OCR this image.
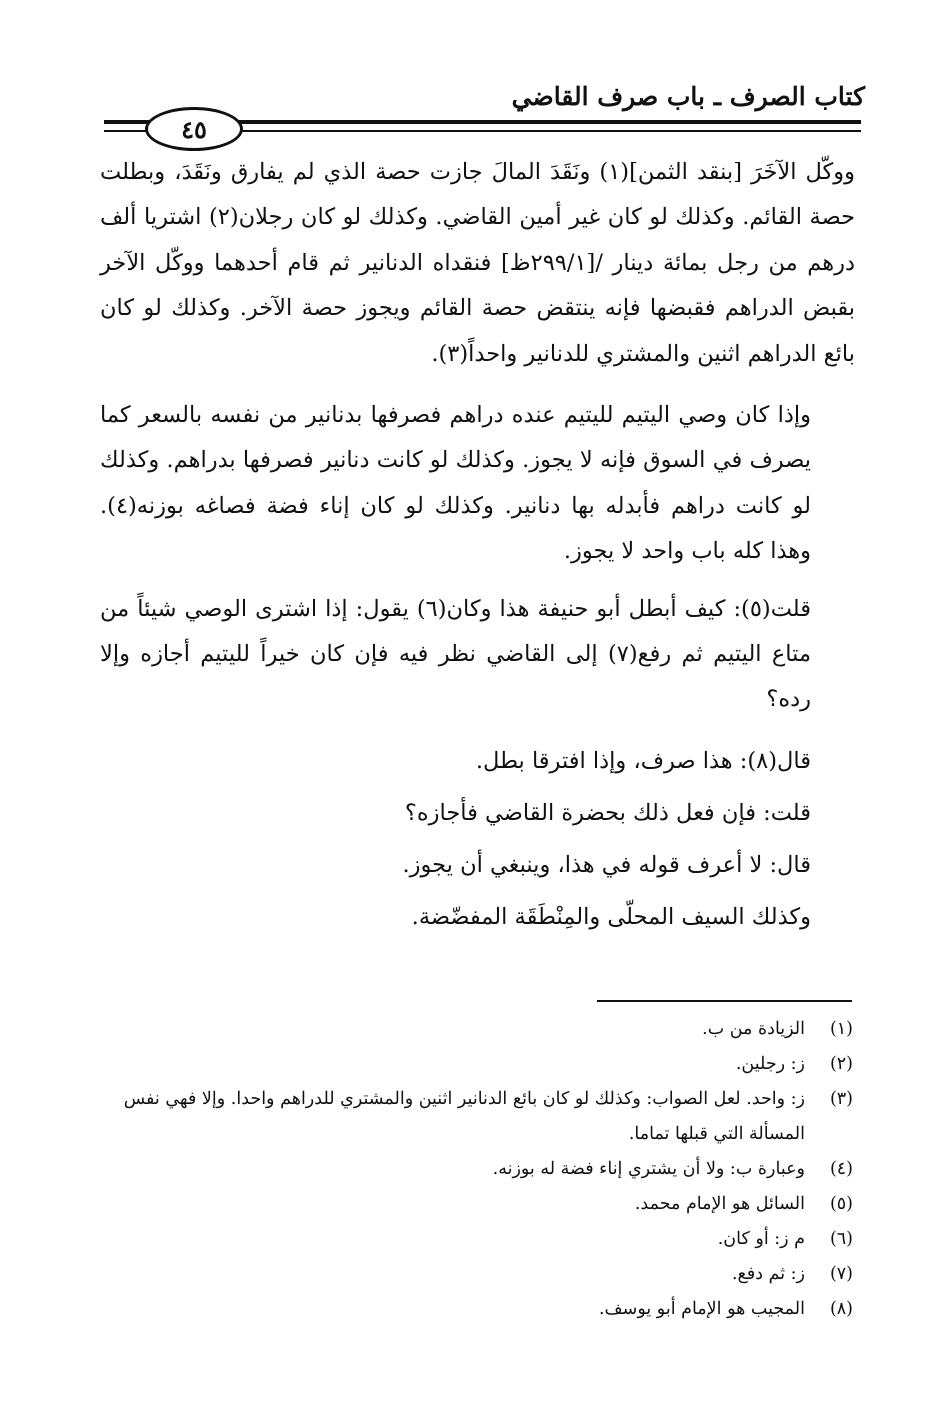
كتاب الصرف ـ باب صرف القاضي
٤٥

ووكّل الآخَرَ [بنقد الثمن](١) ونَقَدَ المالَ جازت حصة الذي لم يفارق ونَقَدَ، وبطلت حصة القائم. وكذلك لو كان غير أمين القاضي. وكذلك لو كان رجلان(٢) اشتريا ألف درهم من رجل بمائة دينار /[٢٩٩/١ظ] فنقداه الدنانير ثم قام أحدهما ووكّل الآخر بقبض الدراهم فقبضها فإنه ينتقض حصة القائم ويجوز حصة الآخر. وكذلك لو كان بائع الدراهم اثنين والمشتري للدنانير واحداً(٣).

وإذا كان وصي اليتيم لليتيم عنده دراهم فصرفها بدنانير من نفسه بالسعر كما يصرف في السوق فإنه لا يجوز. وكذلك لو كانت دنانير فصرفها بدراهم. وكذلك لو كانت دراهم فأبدله بها دنانير. وكذلك لو كان إناء فضة فصاغه بوزنه(٤). وهذا كله باب واحد لا يجوز.

قلت(٥): كيف أبطل أبو حنيفة هذا وكان(٦) يقول: إذا اشترى الوصي شيئاً من متاع اليتيم ثم رفع(٧) إلى القاضي نظر فيه فإن كان خيراً لليتيم أجازه وإلا رده؟

قال(٨): هذا صرف، وإذا افترقا بطل.

قلت: فإن فعل ذلك بحضرة القاضي فأجازه؟

قال: لا أعرف قوله في هذا، وينبغي أن يجوز.

وكذلك السيف المحلّى والمِنْطَقَة المفضّضة.

(١)
الزيادة من ب.
(٢)
ز: رجلين.
(٣)
ز: واحد. لعل الصواب: وكذلك لو كان بائع الدنانير اثنين والمشتري للدراهم واحدا. وإلا فهي نفس المسألة التي قبلها تماما.
(٤)
وعبارة ب: ولا أن يشتري إناء فضة له بوزنه.
(٥)
السائل هو الإمام محمد.
(٦)
م ز: أو كان.
(٧)
ز: ثم دفع.
(٨)
المجيب هو الإمام أبو يوسف.
